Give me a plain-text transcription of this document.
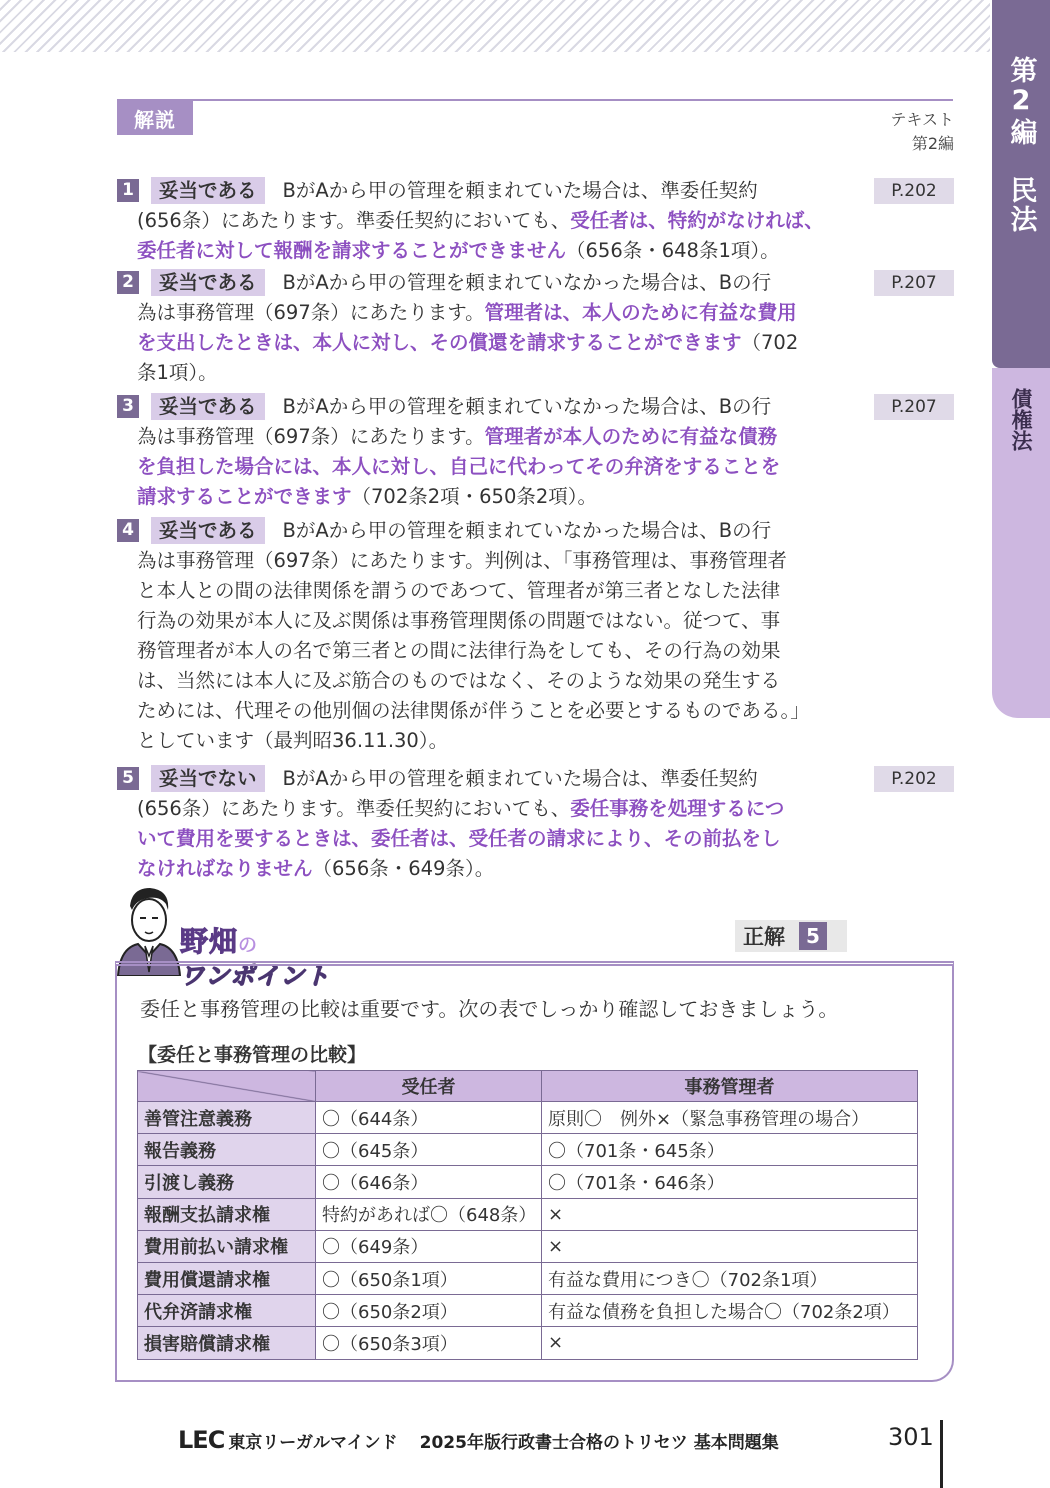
第2編　民法
債権法
解説	テキスト
第2編
1 妥当である BがAから甲の管理を頼まれていた場合は、準委任契約
(656条）にあたります。準委任契約においても、受任者は、特約がなければ、
委任者に対して報酬を請求することができません（656条・648条1項）。
P.202
2 妥当である BがAから甲の管理を頼まれていなかった場合は、Bの行
為は事務管理（697条）にあたります。管理者は、本人のために有益な費用
を支出したときは、本人に対し、その償還を請求することができます（702
条1項）。
P.207
3 妥当である BがAから甲の管理を頼まれていなかった場合は、Bの行
為は事務管理（697条）にあたります。管理者が本人のために有益な債務
を負担した場合には、本人に対し、自己に代わってその弁済をすることを
請求することができます（702条2項・650条2項）。
P.207
4 妥当である BがAから甲の管理を頼まれていなかった場合は、Bの行
為は事務管理（697条）にあたります。判例は、「事務管理は、事務管理者
と本人との間の法律関係を謂うのであつて、管理者が第三者となした法律
行為の効果が本人に及ぶ関係は事務管理関係の問題ではない。従つて、事
務管理者が本人の名で第三者との間に法律行為をしても、その行為の効果
は、当然には本人に及ぶ筋合のものではなく、そのような効果の発生する
ためには、代理その他別個の法律関係が伴うことを必要とするものである。」
としています（最判昭36.11.30）。
5 妥当でない BがAから甲の管理を頼まれていた場合は、準委任契約
(656条）にあたります。準委任契約においても、委任事務を処理するにつ
いて費用を要するときは、委任者は、受任者の請求により、その前払をし
なければなりません（656条・649条）。
P.202
野畑の
ワンポイント
正解	5
委任と事務管理の比較は重要です。次の表でしっかり確認しておきましょう。
【委任と事務管理の比較】
	受任者	事務管理者
善管注意義務	〇（644条）	原則〇　例外×（緊急事務管理の場合）
報告義務	〇（645条）	〇（701条・645条）
引渡し義務	〇（646条）	〇（701条・646条）
報酬支払請求権	特約があれば〇（648条）	×
費用前払い請求権	〇（649条）	×
費用償還請求権	〇（650条1項）	有益な費用につき〇（702条1項）
代弁済請求権	〇（650条2項）	有益な債務を負担した場合〇（702条2項）
損害賠償請求権	〇（650条3項）	×
LEC 東京リーガルマインド 2025年版行政書士合格のトリセツ 基本問題集	301
